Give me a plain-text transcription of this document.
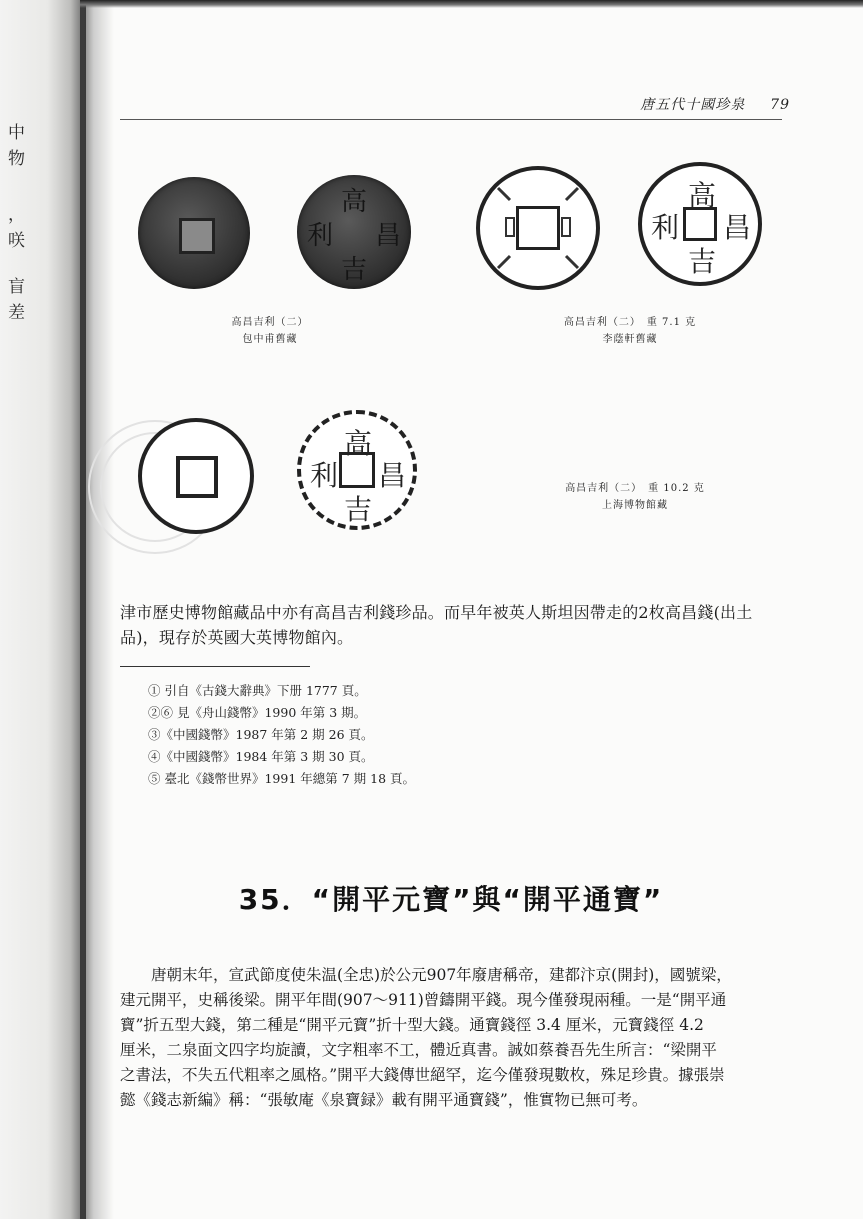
中
物
，
咲
盲
差
唐五代十國珍泉 79
高
昌
吉
利
高昌吉利（二）
包中甫舊藏
高
昌
吉
利
高昌吉利（二）　重 7.1 克
李蔭軒舊藏
高
昌
吉
利	高昌吉利（二）　重 10.2 克
上海博物館藏
津市歷史博物館藏品中亦有高昌吉利錢珍品。而早年被英人斯坦因帶走的2枚高昌錢(出土
品)，現存於英國大英博物館內。
① 引自《古錢大辭典》下册 1777 頁。
②⑥ 見《舟山錢幣》1990 年第 3 期。
③《中國錢幣》1987 年第 2 期 26 頁。
④《中國錢幣》1984 年第 3 期 30 頁。
⑤ 臺北《錢幣世界》1991 年總第 7 期 18 頁。
35．“開平元寶”與“開平通寶”
　　唐朝末年，宣武節度使朱温(全忠)於公元907年廢唐稱帝，建都汴京(開封)，國號梁，
建元開平，史稱後梁。開平年間(907～911)曾鑄開平錢。現今僅發現兩種。一是“開平通
寶”折五型大錢，第二種是“開平元寶”折十型大錢。通寶錢徑 3.4 厘米，元寶錢徑 4.2
厘米，二泉面文四字均旋讀，文字粗率不工，體近真書。誠如蔡養吾先生所言：“梁開平
之書法，不失五代粗率之風格。”開平大錢傳世絕罕，迄今僅發現數枚，殊足珍貴。據張崇
懿《錢志新編》稱：“張敏庵《泉寶録》載有開平通寶錢”，惟實物已無可考。
